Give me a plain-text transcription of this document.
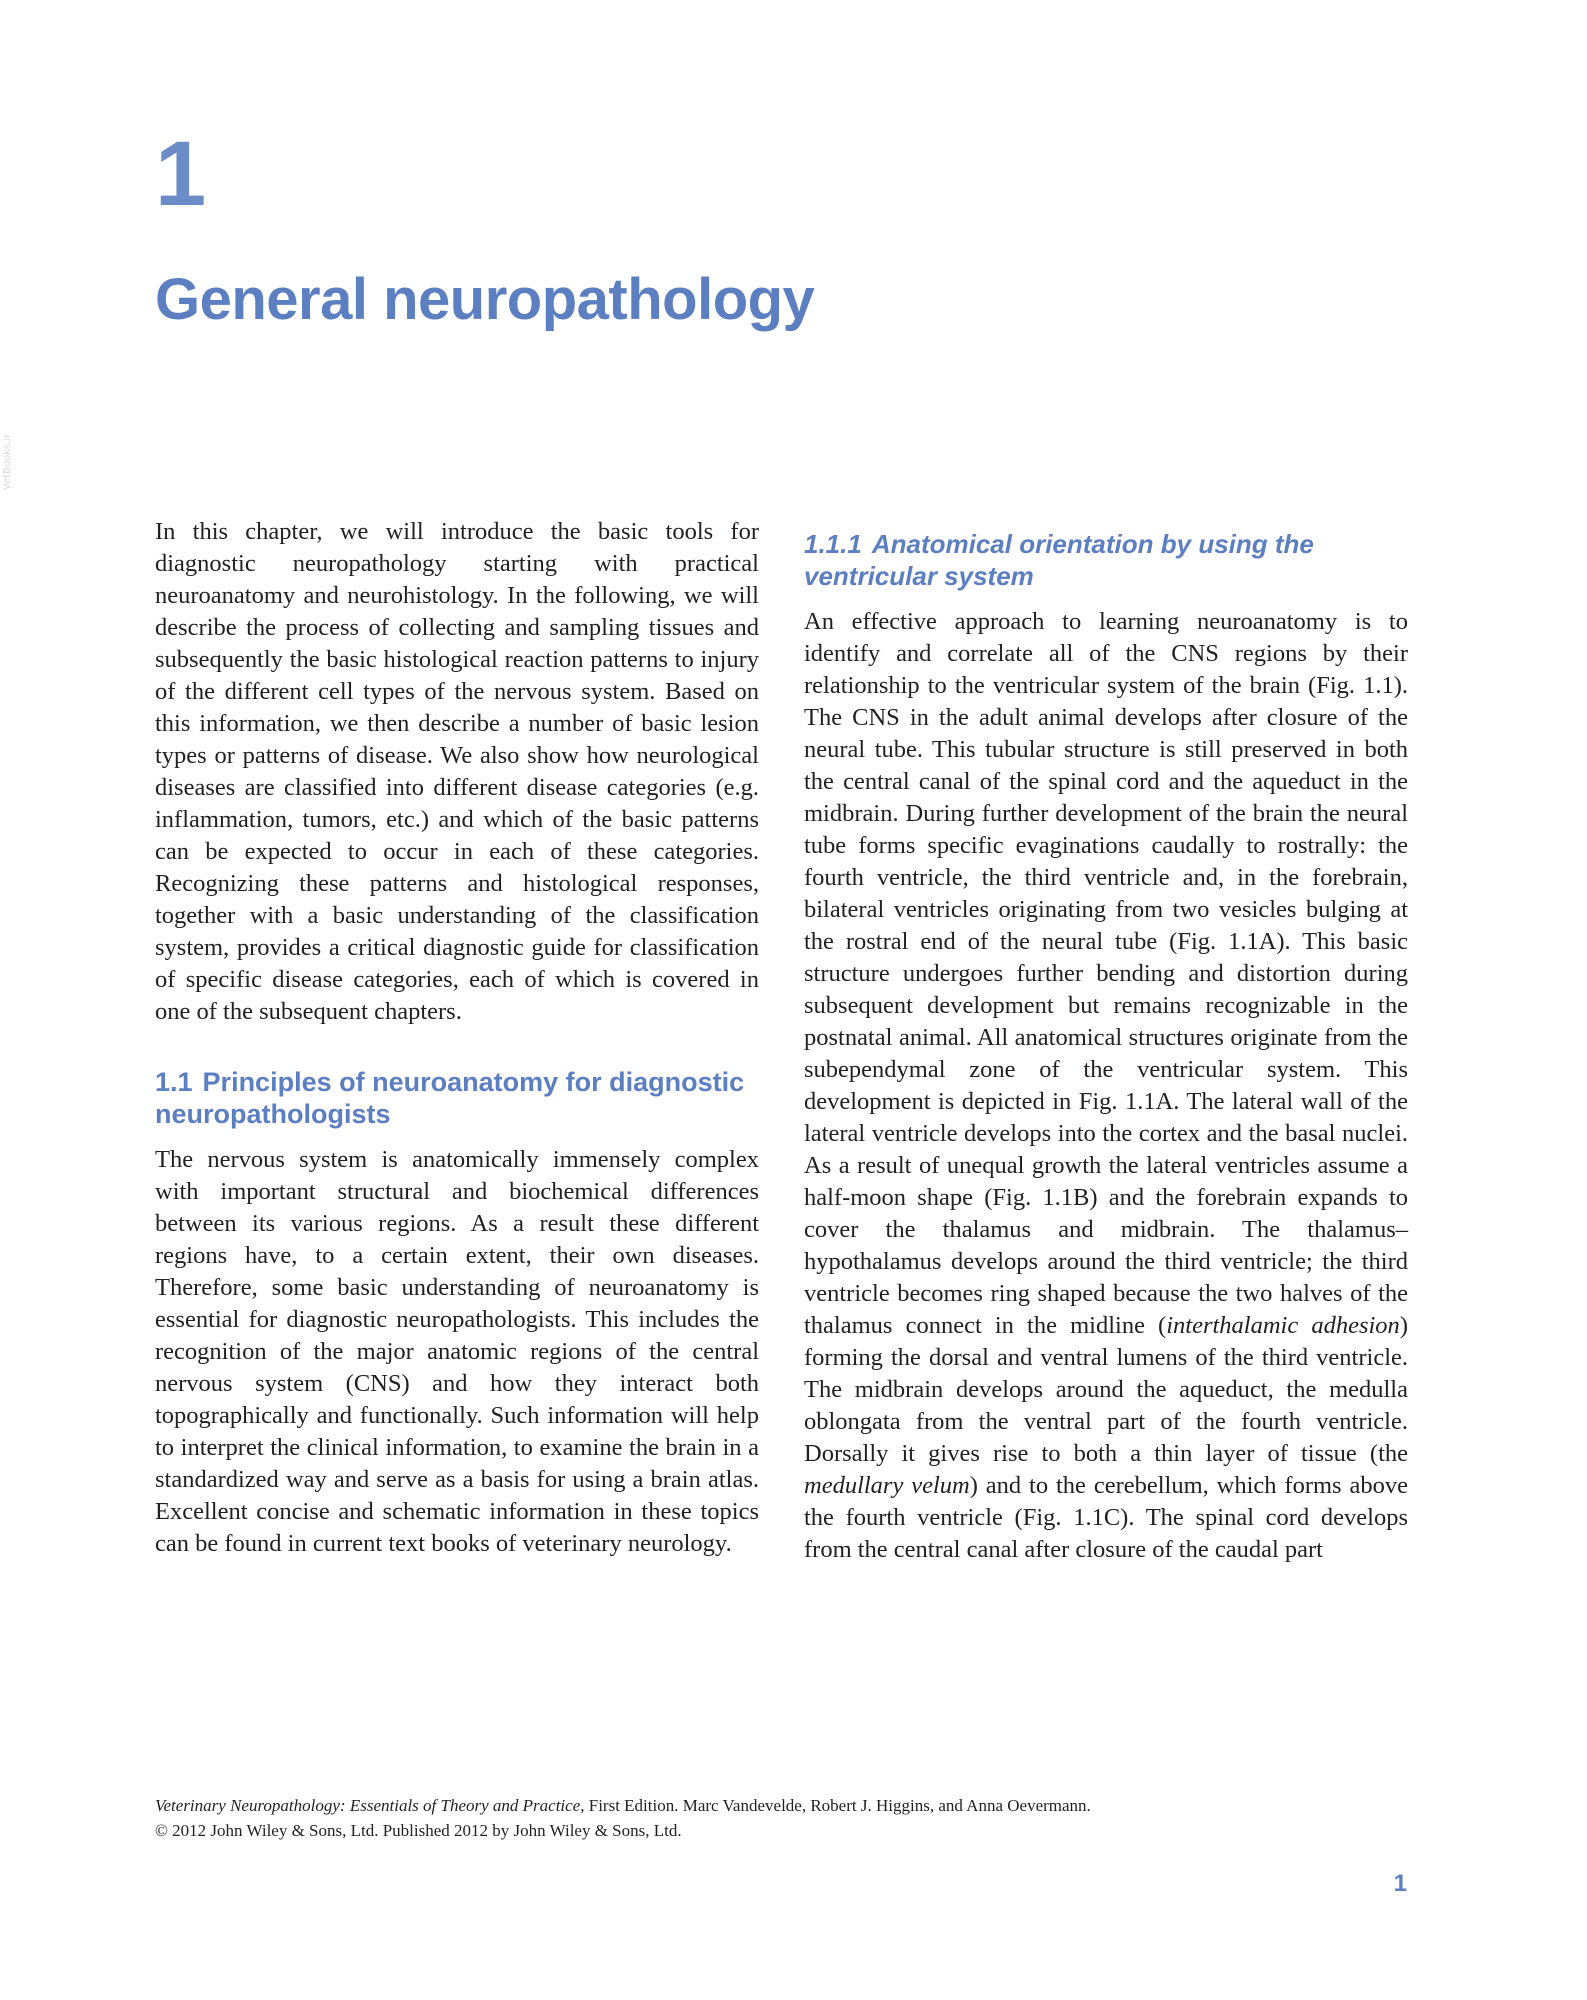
1
General neuropathology
VetBooks.ir

In this chapter, we will introduce the basic tools for diagnostic neuropathology starting with practical neuroanatomy and neurohistology. In the following, we will describe the process of collecting and sampling tissues and subsequently the basic histological reaction patterns to injury of the different cell types of the nervous system. Based on this information, we then describe a number of basic lesion types or patterns of disease. We also show how neurological diseases are classified into different disease categories (e.g. inflammation, tumors, etc.) and which of the basic patterns can be expected to occur in each of these categories. Recognizing these patterns and histological responses, together with a basic understanding of the classification system, provides a critical diagnostic guide for classification of specific disease categories, each of which is covered in one of the subsequent chapters.

1.1 Principles of neuroanatomy for diagnostic neuropathologists

The nervous system is anatomically immensely complex with important structural and biochemical differences between its various regions. As a result these different regions have, to a certain extent, their own diseases. Therefore, some basic understanding of neuroanatomy is essential for diagnostic neuropathologists. This includes the recognition of the major anatomic regions of the central nervous system (CNS) and how they interact both topographically and functionally. Such information will help to interpret the clinical information, to examine the brain in a standardized way and serve as a basis for using a brain atlas. Excellent concise and schematic information in these topics can be found in current text books of veterinary neurology.

1.1.1 Anatomical orientation by using the ventricular system

An effective approach to learning neuroanatomy is to identify and correlate all of the CNS regions by their relationship to the ventricular system of the brain (Fig. 1.1). The CNS in the adult animal develops after closure of the neural tube. This tubular structure is still preserved in both the central canal of the spinal cord and the aqueduct in the midbrain. During further development of the brain the neural tube forms specific evaginations caudally to rostrally: the fourth ventricle, the third ventricle and, in the forebrain, bilateral ventricles originating from two vesicles bulging at the rostral end of the neural tube (Fig. 1.1A). This basic structure undergoes further bending and distortion during subsequent development but remains recognizable in the postnatal animal. All anatomical structures originate from the subependymal zone of the ventricular system. This development is depicted in Fig. 1.1A. The lateral wall of the lateral ventricle develops into the cortex and the basal nuclei. As a result of unequal growth the lateral ventricles assume a half-moon shape (Fig. 1.1B) and the forebrain expands to cover the thalamus and midbrain. The thalamus–hypothalamus develops around the third ventricle; the third ventricle becomes ring shaped because the two halves of the thalamus connect in the midline (interthalamic adhesion) forming the dorsal and ventral lumens of the third ventricle. The midbrain develops around the aqueduct, the medulla oblongata from the ventral part of the fourth ventricle. Dorsally it gives rise to both a thin layer of tissue (the medullary velum) and to the cerebellum, which forms above the fourth ventricle (Fig. 1.1C). The spinal cord develops from the central canal after closure of the caudal part

Veterinary Neuropathology: Essentials of Theory and Practice, First Edition. Marc Vandevelde, Robert J. Higgins, and Anna Oevermann.
© 2012 John Wiley & Sons, Ltd. Published 2012 by John Wiley & Sons, Ltd.
1
